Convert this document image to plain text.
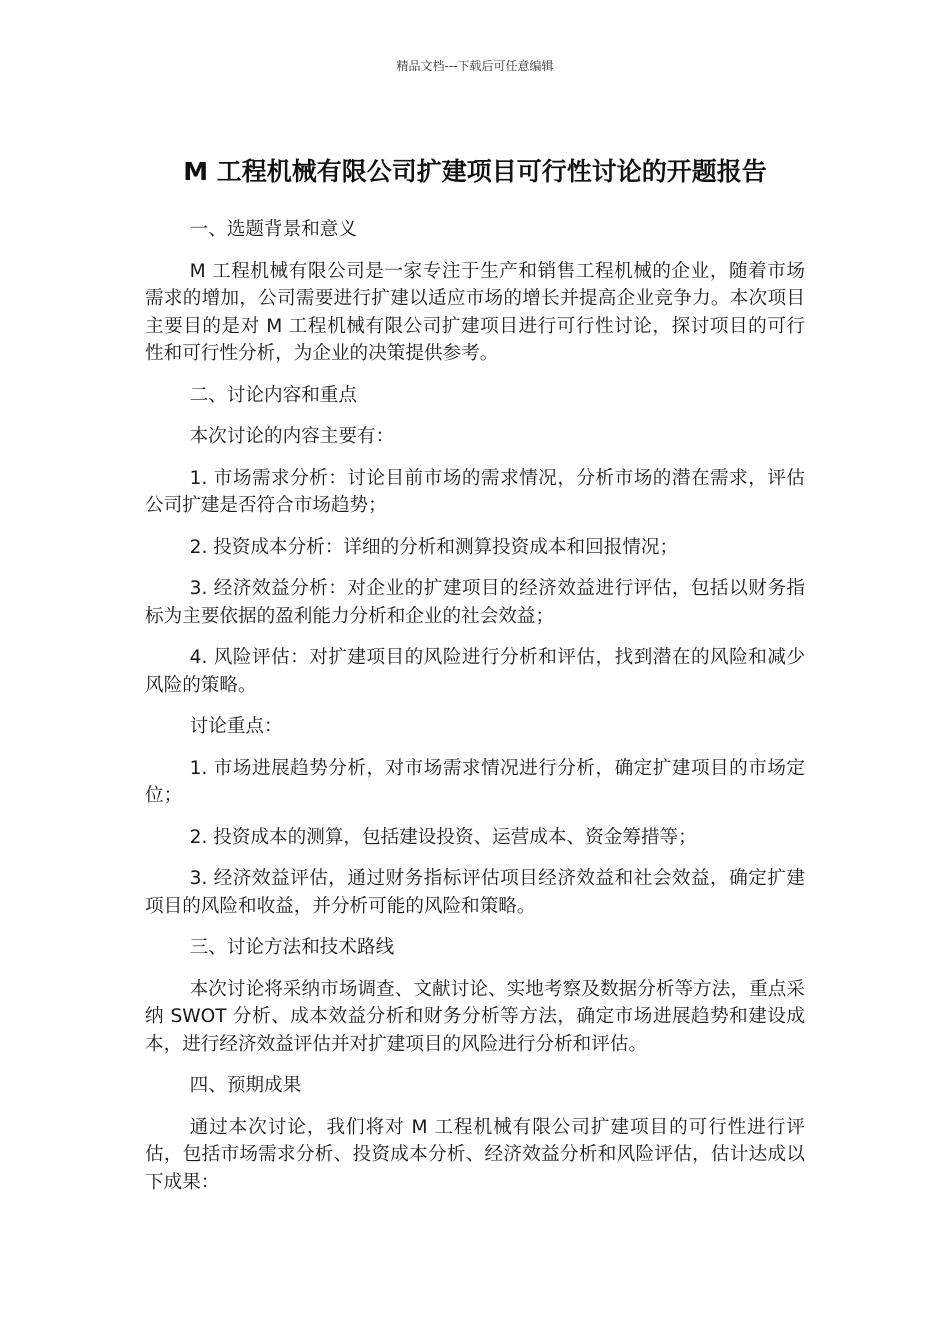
精品文档---下载后可任意编辑
M 工程机械有限公司扩建项目可行性讨论的开题报告

一、选题背景和意义

M 工程机械有限公司是一家专注于生产和销售工程机械的企业，随着市场需求的增加，公司需要进行扩建以适应市场的增长并提高企业竞争力。本次项目主要目的是对 M 工程机械有限公司扩建项目进行可行性讨论，探讨项目的可行性和可行性分析，为企业的决策提供参考。

二、讨论内容和重点

本次讨论的内容主要有：

1. 市场需求分析：讨论目前市场的需求情况，分析市场的潜在需求，评估公司扩建是否符合市场趋势；

2. 投资成本分析：详细的分析和测算投资成本和回报情况；

3. 经济效益分析：对企业的扩建项目的经济效益进行评估，包括以财务指标为主要依据的盈利能力分析和企业的社会效益；

4. 风险评估：对扩建项目的风险进行分析和评估，找到潜在的风险和减少风险的策略。

讨论重点：

1. 市场进展趋势分析，对市场需求情况进行分析，确定扩建项目的市场定位；

2. 投资成本的测算，包括建设投资、运营成本、资金筹措等；

3. 经济效益评估，通过财务指标评估项目经济效益和社会效益，确定扩建项目的风险和收益，并分析可能的风险和策略。

三、讨论方法和技术路线

本次讨论将采纳市场调查、文献讨论、实地考察及数据分析等方法，重点采纳 SWOT 分析、成本效益分析和财务分析等方法，确定市场进展趋势和建设成本，进行经济效益评估并对扩建项目的风险进行分析和评估。

四、预期成果

通过本次讨论，我们将对 M 工程机械有限公司扩建项目的可行性进行评估，包括市场需求分析、投资成本分析、经济效益分析和风险评估，估计达成以下成果：
